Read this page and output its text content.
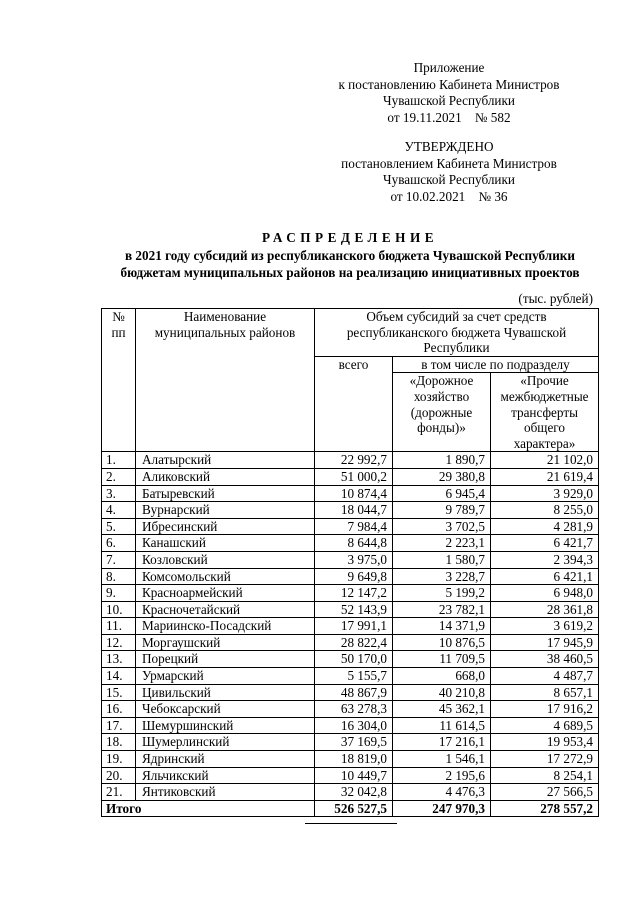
Приложение
к постановлению Кабинета Министров
Чувашской Республики
от 19.11.2021    № 582
УТВЕРЖДЕНО
постановлением Кабинета Министров
Чувашской Республики
от 10.02.2021    № 36
РАСПРЕДЕЛЕНИЕ
в 2021 году субсидий из республиканского бюджета Чувашской Республики
бюджетам муниципальных районов на реализацию инициативных проектов
(тыс. рублей)
№ пп	Наименование муниципальных районов	Объем субсидий за счет средств республиканского бюджета Чувашской Республики		
		всего	в том числе по подразделу	
			«Дорожное хозяйство (дорожные фонды)»	«Прочие межбюджетные трансферты общего характера»
1.	Алатырский	22 992,7	1 890,7	21 102,0
2.	Аликовский	51 000,2	29 380,8	21 619,4
3.	Батыревский	10 874,4	6 945,4	3 929,0
4.	Вурнарский	18 044,7	9 789,7	8 255,0
5.	Ибресинский	7 984,4	3 702,5	4 281,9
6.	Канашский	8 644,8	2 223,1	6 421,7
7.	Козловский	3 975,0	1 580,7	2 394,3
8.	Комсомольский	9 649,8	3 228,7	6 421,1
9.	Красноармейский	12 147,2	5 199,2	6 948,0
10.	Красночетайский	52 143,9	23 782,1	28 361,8
11.	Мариинско-Посадский	17 991,1	14 371,9	3 619,2
12.	Моргаушский	28 822,4	10 876,5	17 945,9
13.	Порецкий	50 170,0	11 709,5	38 460,5
14.	Урмарский	5 155,7	668,0	4 487,7
15.	Цивильский	48 867,9	40 210,8	8 657,1
16.	Чебоксарский	63 278,3	45 362,1	17 916,2
17.	Шемуршинский	16 304,0	11 614,5	4 689,5
18.	Шумерлинский	37 169,5	17 216,1	19 953,4
19.	Ядринский	18 819,0	1 546,1	17 272,9
20.	Яльчикский	10 449,7	2 195,6	8 254,1
21.	Янтиковский	32 042,8	4 476,3	27 566,5
Итого		526 527,5	247 970,3	278 557,2
